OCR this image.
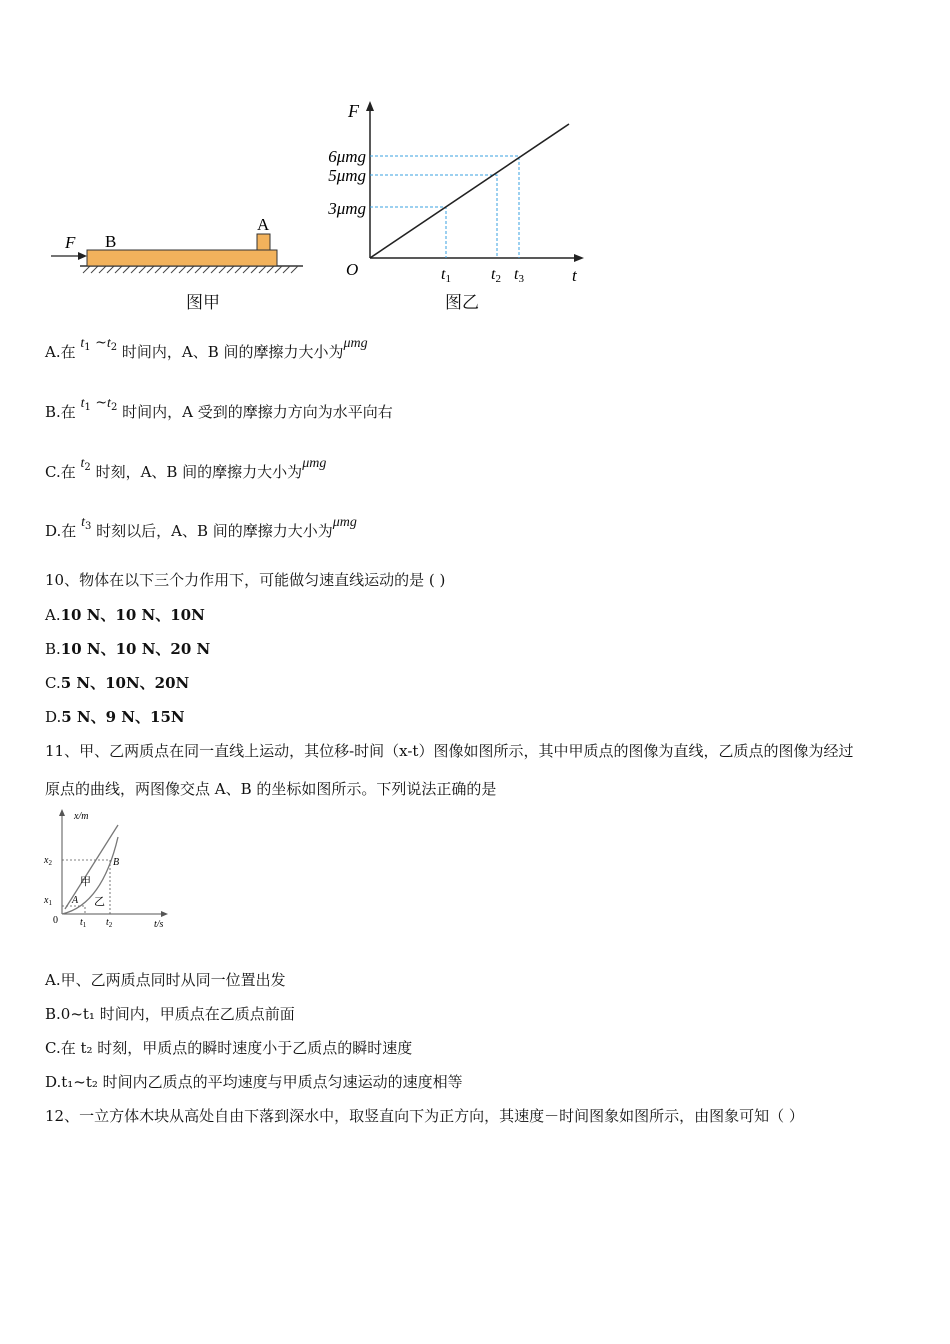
F B
A
图甲
F
t
O
6μmg
5μmg
3μmg
t1	t2 t3
图乙
A.在 $t_1$ $\sim t_2$ 时间内，A、B 间的摩擦力大小为μmg
B.在 $t_1$ $\sim t_2$ 时间内，A 受到的摩擦力方向为水平向右
C.在 $t_2$ 时刻，A、B 间的摩擦力大小为μmg
D.在 $t_3$ 时刻以后，A、B 间的摩擦力大小为μmg
10、物体在以下三个力作用下，可能做匀速直线运动的是 ( )
A.10 N、10 N、10N
B.10 N、10 N、20 N
C.5 N、10N、20N
D.5 N、9 N、15N
11、甲、乙两质点在同一直线上运动，其位移-时间（x-t）图像如图所示，其中甲质点的图像为直线，乙质点的图像为经过
原点的曲线，两图像交点 A、B 的坐标如图所示。下列说法正确的是
x/m
t/s
0
$x_2$
$x_1$
$t_1$ $t_2$
A
B
甲
乙
A.甲、乙两质点同时从同一位置出发
B.0~t₁ 时间内，甲质点在乙质点前面
C.在 t₂ 时刻，甲质点的瞬时速度小于乙质点的瞬时速度
D.t₁~t₂ 时间内乙质点的平均速度与甲质点匀速运动的速度相等
12、一立方体木块从高处自由下落到深水中，取竖直向下为正方向，其速度－时间图象如图所示，由图象可知（ ）
